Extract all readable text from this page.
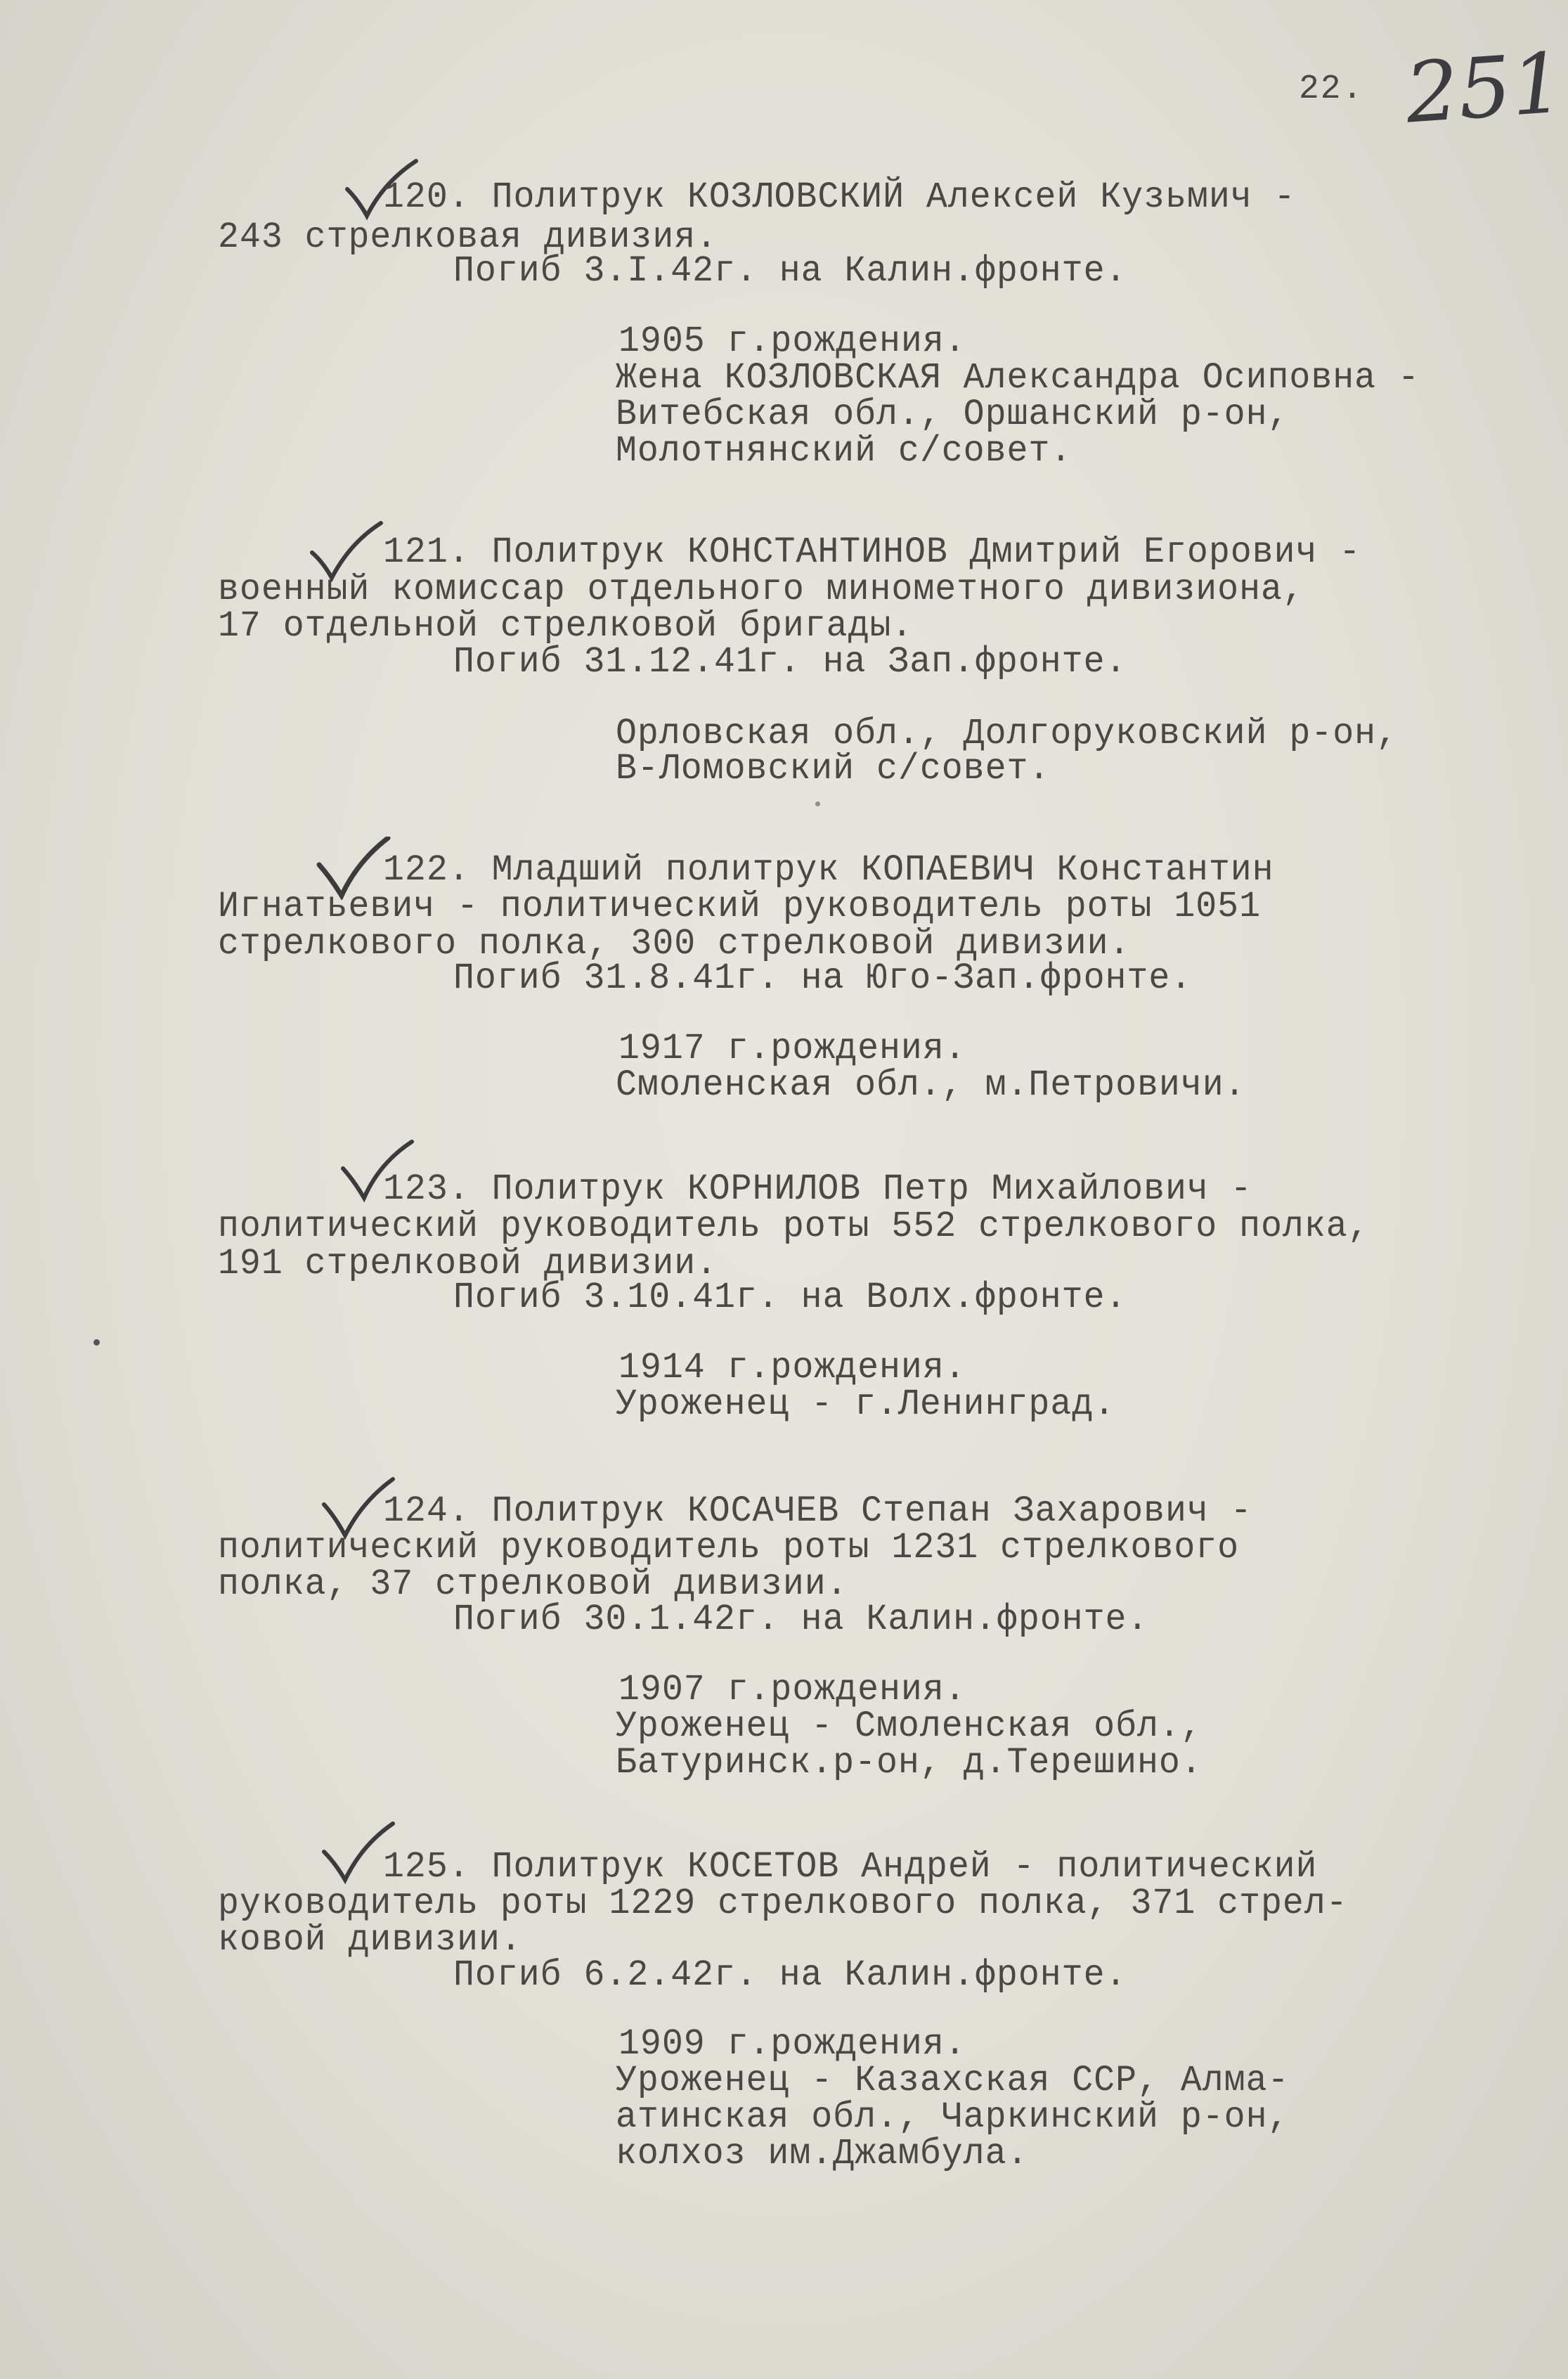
22. 251
120. Политрук КОЗЛОВСКИЙ Алексей Кузьмич -
243 стрелковая дивизия.
Погиб 3.I.42г. на Калин.фронте.
1905 г.рождения.
Жена КОЗЛОВСКАЯ Александра Осиповна -
Витебская обл., Оршанский р-он,
Молотнянский с/совет.
121. Политрук КОНСТАНТИНОВ Дмитрий Егорович -
военный комиссар отдельного минометного дивизиона,
17 отдельной стрелковой бригады.
Погиб 31.12.41г. на Зап.фронте.
Орловская обл., Долгоруковский р-он,
В-Ломовский с/совет.
122. Младший политрук КОПАЕВИЧ Константин
Игнатьевич - политический руководитель роты 1051
стрелкового полка, 300 стрелковой дивизии.
Погиб 31.8.41г. на Юго-Зап.фронте.
1917 г.рождения.
Смоленская обл., м.Петровичи.
123. Политрук КОРНИЛОВ Петр Михайлович -
политический руководитель роты 552 стрелкового полка,
191 стрелковой дивизии.
Погиб 3.10.41г. на Волх.фронте.
1914 г.рождения.
Уроженец - г.Ленинград.
124. Политрук КОСАЧЕВ Степан Захарович -
политический руководитель роты 1231 стрелкового
полка, 37 стрелковой дивизии.
Погиб 30.1.42г. на Калин.фронте.
1907 г.рождения.
Уроженец - Смоленская обл.,
Батуринск.р-он, д.Терешино.
125. Политрук КОСЕТОВ Андрей - политический
руководитель роты 1229 стрелкового полка, 371 стрел-
ковой дивизии.
Погиб 6.2.42г. на Калин.фронте.
1909 г.рождения.
Уроженец - Казахская ССР, Алма-
атинская обл., Чаркинский р-он,
колхоз им.Джамбула.
